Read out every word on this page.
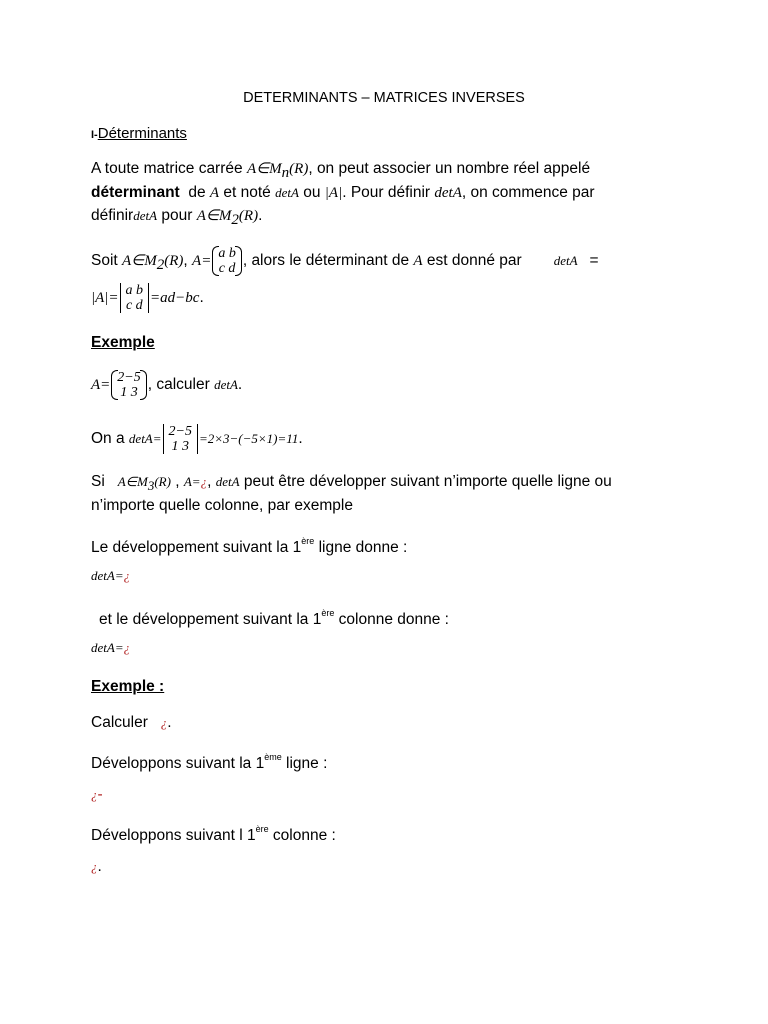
DETERMINANTS – MATRICES INVERSES
I-Déterminants
A toute matrice carrée $A\in M_n(R)$, on peut associer un nombre réel appelé
déterminant de A et noté detA ou |A|. Pour définir detA, on commence par
définirdetA pour $A\in M_2(R)$.
Soit $A\in M_2(R)$, A= a b
c d , alors le déterminant de A est donné par detA =
|A|= a b
c d =ad−bc.
Exemple
A= 2−5
1 3 , calculer detA.
On a detA= 2−5
1 3
=2×3−(−5×1)=11.
Si   $A\in M_3(R)$ , A=¿, detA peut être développer suivant n’importe quelle ligne ou
n’importe quelle colonne, par exemple
Le développement suivant la 1ère ligne donne :
detA=¿
et le développement suivant la 1ère colonne donne :
detA=¿
Exemple :
Calculer   ¿.
Développons suivant la 1ème ligne :
¿-
Développons suivant l 1ère colonne :
¿.
